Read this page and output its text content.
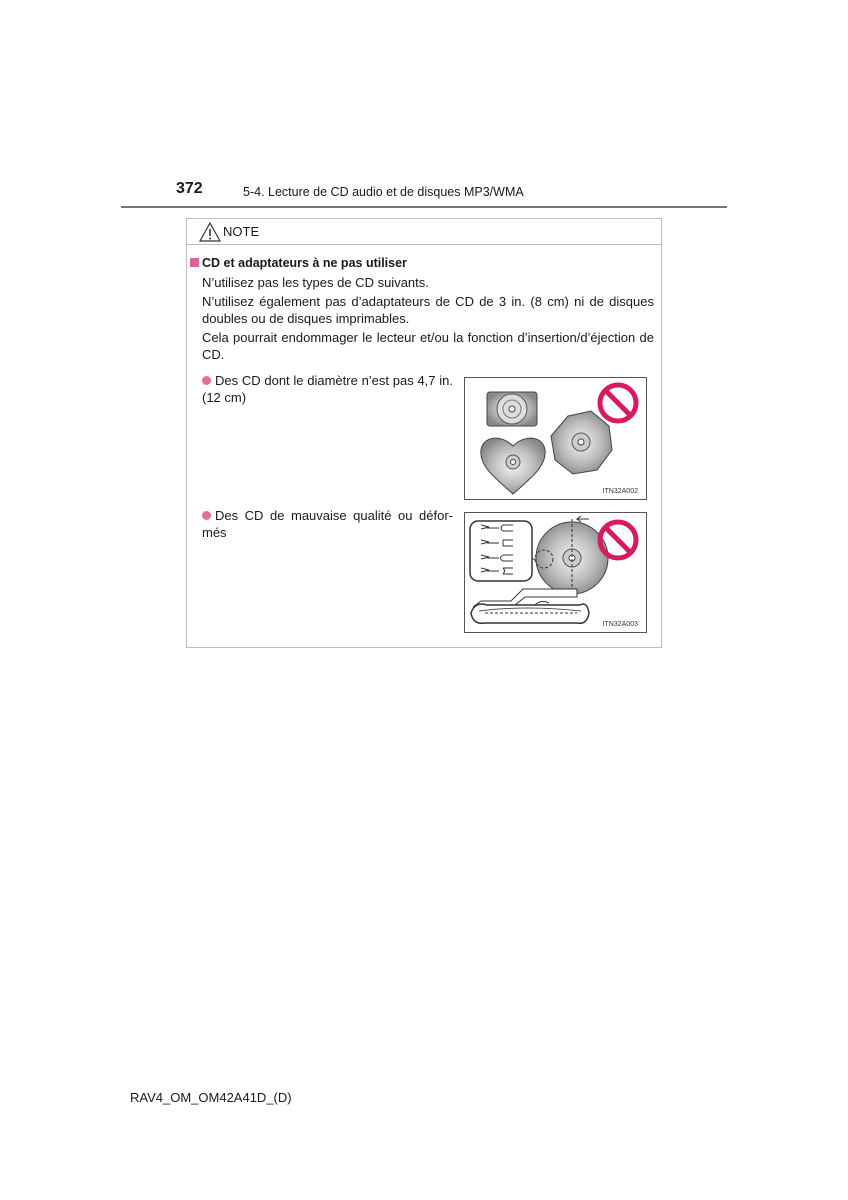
372	5-4. Lecture de CD audio et de disques MP3/WMA
NOTE
CD et adaptateurs à ne pas utiliser
N’utilisez pas les types de CD suivants.
N’utilisez également pas d’adaptateurs de CD de 3 in. (8 cm) ni de disques doubles ou de disques imprimables.
Cela pourrait endommager le lecteur et/ou la fonction d’insertion/d’éjection de CD.
Des CD dont le diamètre n’est pas 4,7 in. (12 cm)
ITN32A002
Des CD de mauvaise qualité ou défor-més
ITN32A003
RAV4_OM_OM42A41D_(D)
